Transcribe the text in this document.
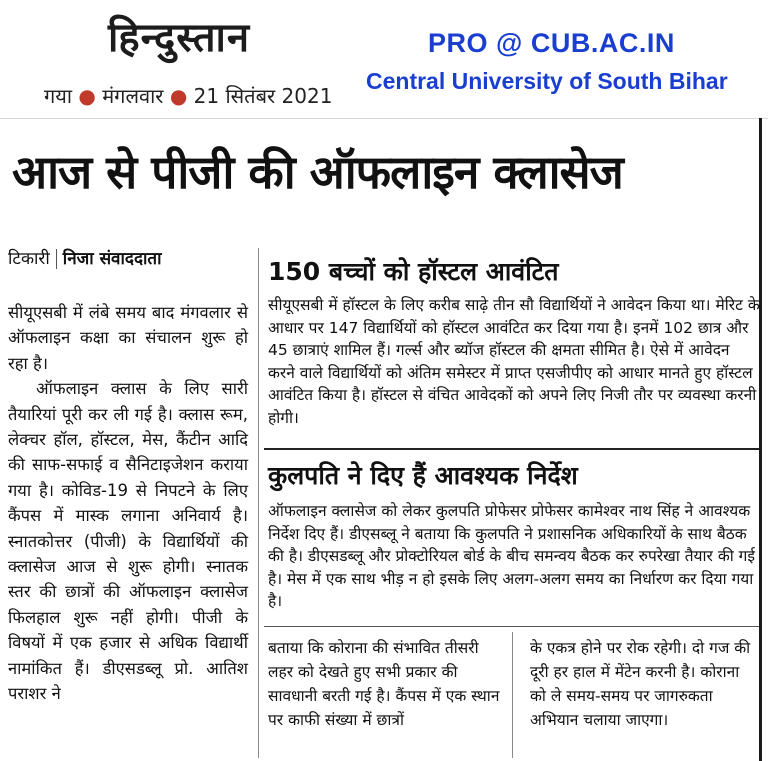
हिन्दुस्तान
गया ● मंगलवार ● 21 सितंबर 2021
PRO @ CUB.AC.IN
Central University of South Bihar
आज से पीजी की ऑफलाइन क्लासेज
टिकारी निजा संवाददाता

सीयूएसबी में लंबे समय बाद मंगवलार से ऑफलाइन कक्षा का संचालन शुरू हो रहा है।

ऑफलाइन क्लास के लिए सारी तैयारियां पूरी कर ली गई है। क्लास रूम, लेक्चर हॉल, हॉस्टल, मेस, कैंटीन आदि की साफ-सफाई व सैनिटाइजेशन कराया गया है। कोविड-19 से निपटने के लिए कैंपस में मास्क लगाना अनिवार्य है। स्नातकोत्तर (पीजी) के विद्यार्थियों की क्लासेज आज से शुरू होगी। स्नातक स्तर की छात्रों की ऑफलाइन क्लासेज फिलहाल शुरू नहीं होगी। पीजी के विषयों में एक हजार से अधिक विद्यार्थी नामांकित हैं। डीएसडब्लू प्रो. आतिश पराशर ने

150 बच्चों को हॉस्टल आवंटित
सीयूएसबी में हॉस्टल के लिए करीब साढ़े तीन सौ विद्यार्थियों ने आवेदन किया था। मेरिट के आधार पर 147 विद्यार्थियों को हॉस्टल आवंटित कर दिया गया है। इनमें 102 छात्र और 45 छात्राएं शामिल हैं। गर्ल्स और ब्यॉज हॉस्टल की क्षमता सीमित है। ऐसे में आवेदन करने वाले विद्यार्थियों को अंतिम समेस्टर में प्राप्त एसजीपीए को आधार मानते हुए हॉस्टल आवंटित किया है। हॉस्टल से वंचित आवेदकों को अपने लिए निजी तौर पर व्यवस्था करनी होगी।
कुलपति ने दिए हैं आवश्यक निर्देश
ऑफलाइन क्लासेज को लेकर कुलपति प्रोफेसर प्रोफेसर कामेश्वर नाथ सिंह ने आवश्यक निर्देश दिए हैं। डीएसब्लू ने बताया कि कुलपति ने प्रशासनिक अधिकारियों के साथ बैठक की है। डीएसडब्लू और प्रोक्टोरियल बोर्ड के बीच समन्वय बैठक कर रुपरेखा तैयार की गई है। मेस में एक साथ भीड़ न हो इसके लिए अलग-अलग समय का निर्धारण कर दिया गया है।
बताया कि कोराना की संभावित तीसरी लहर को देखते हुए सभी प्रकार की सावधानी बरती गई है। कैंपस में एक स्थान पर काफी संख्या में छात्रों
के एकत्र होने पर रोक रहेगी। दो गज की दूरी हर हाल में मेंटेन करनी है। कोराना को ले समय-समय पर जागरुकता अभियान चलाया जाएगा।
